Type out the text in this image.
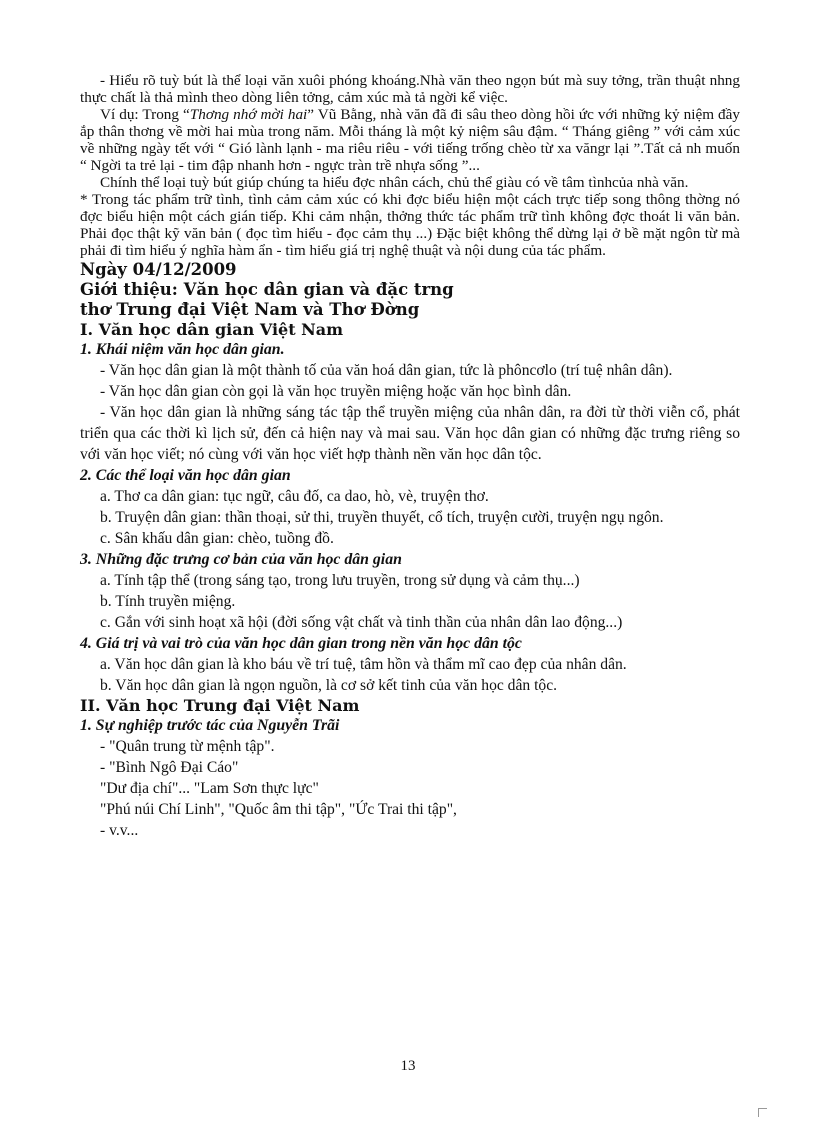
- Hiểu rõ tuỳ bút là thể loại văn xuôi phóng khoáng.Nhà văn theo ngọn bút mà suy tởng, trần thuật nhng thực chất là thả mình theo dòng liên tởng, cảm xúc mà tả ngời kể việc.

Ví dụ: Trong “Thơng nhớ mời hai” Vũ Bằng, nhà văn đã đi sâu theo dòng hồi ức với những kỷ niệm đầy ắp thân thơng về mời hai mùa trong năm. Mỗi tháng là một kỷ niệm sâu đậm. “ Tháng giêng ” với cảm xúc về những ngày tết với “ Gió lành lạnh - ma riêu riêu - với tiếng trống chèo từ xa văngr lại ”.Tất cả nh muốn “ Ngời ta trẻ lại - tim đập nhanh hơn - ngực tràn trề nhựa sống ”...

Chính thể loại tuỳ bút giúp chúng ta hiểu đợc nhân cách, chủ thể giàu có về tâm tìnhcủa nhà văn.

* Trong tác phẩm trữ tình, tình cảm cảm xúc có khi đợc biểu hiện một cách trực tiếp song thông thờng nó đợc biểu hiện một cách gián tiếp. Khi cảm nhận, thởng thức tác phẩm trữ tình không đợc thoát li văn bản. Phải đọc thật kỹ văn bản ( đọc tìm hiểu - đọc cảm thụ ...) Đặc biệt không thể dừng lại ở bề mặt ngôn từ mà phải đi tìm hiểu ý nghĩa hàm ẩn - tìm hiểu giá trị nghệ thuật và nội dung của tác phẩm.

Ngày 04/12/2009

Giới thiệu: Văn học dân gian và đặc trng

thơ Trung đại Việt Nam và Thơ Đờng

I. Văn học dân gian Việt Nam

1. Khái niệm văn học dân gian.

- Văn học dân gian là một thành tố của văn hoá dân gian, tức là phôncơlo (trí tuệ nhân dân).

- Văn học dân gian còn gọi là văn học truyền miệng hoặc văn học bình dân.

- Văn học dân gian là những sáng tác tập thể truyền miệng của nhân dân, ra đời từ thời viễn cổ, phát triển qua các thời kì lịch sử, đến cả hiện nay và mai sau. Văn học dân gian có những đặc trưng riêng so với văn học viết; nó cùng với văn học viết hợp thành nền văn học dân tộc.

2. Các thể loại văn học dân gian

a. Thơ ca dân gian: tục ngữ, câu đố, ca dao, hò, vè, truyện thơ.

b. Truyện dân gian: thần thoại, sử thi, truyền thuyết, cổ tích, truyện cười, truyện ngụ ngôn.

c. Sân khấu dân gian: chèo, tuồng đồ.

3. Những đặc trưng cơ bản của văn học dân gian

a. Tính tập thể (trong sáng tạo, trong lưu truyền, trong sử dụng và cảm thụ...)

b. Tính truyền miệng.

c. Gắn với sinh hoạt xã hội (đời sống vật chất và tinh thần của nhân dân lao động...)

4. Giá trị và vai trò của văn học dân gian trong nền văn học dân tộc

a. Văn học dân gian là kho báu về trí tuệ, tâm hồn và thẩm mĩ cao đẹp của nhân dân.

b. Văn học dân gian là ngọn nguồn, là cơ sở kết tinh của văn học dân tộc.

II. Văn học Trung đại Việt Nam

1. Sự nghiệp trước tác của Nguyễn Trãi

- "Quân trung từ mệnh tập".

- "Bình Ngô Đại Cáo"

"Dư địa chí"... "Lam Sơn thực lực"

"Phú núi Chí Linh", "Quốc âm thi tập", "Ức Trai thi tập",

- v.v...

13
